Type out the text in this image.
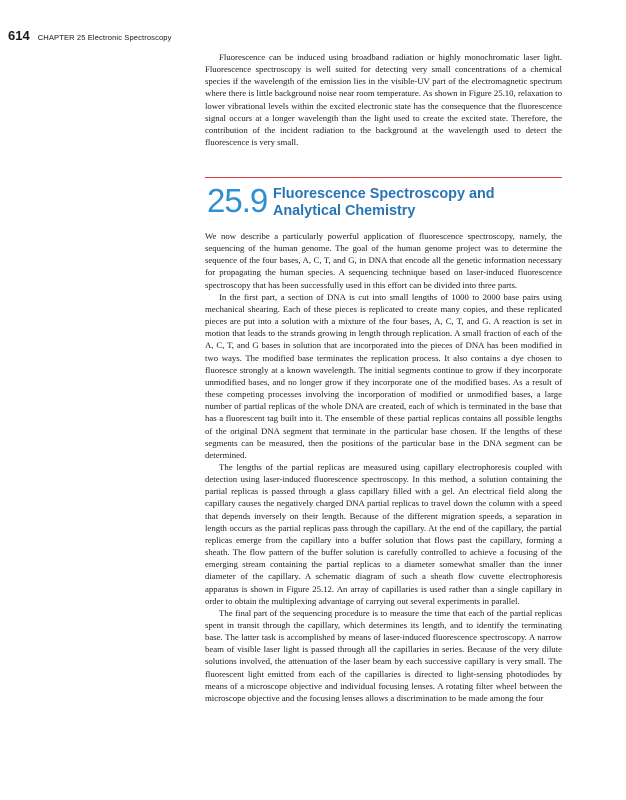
614 CHAPTER 25 Electronic Spectroscopy

Fluorescence can be induced using broadband radiation or highly monochromatic laser light. Fluorescence spectroscopy is well suited for detecting very small concentrations of a chemical species if the wavelength of the emission lies in the visible-UV part of the electromagnetic spectrum where there is little background noise near room temperature. As shown in Figure 25.10, relaxation to lower vibrational levels within the excited electronic state has the consequence that the fluorescence signal occurs at a longer wavelength than the light used to create the excited state. Therefore, the contribution of the incident radiation to the background at the wavelength used to detect the fluorescence is very small.

25.9 Fluorescence Spectroscopy and
Analytical Chemistry

We now describe a particularly powerful application of fluorescence spectroscopy, namely, the sequencing of the human genome. The goal of the human genome project was to determine the sequence of the four bases, A, C, T, and G, in DNA that encode all the genetic information necessary for propagating the human species. A sequencing technique based on laser-induced fluorescence spectroscopy that has been successfully used in this effort can be divided into three parts.

In the first part, a section of DNA is cut into small lengths of 1000 to 2000 base pairs using mechanical shearing. Each of these pieces is replicated to create many copies, and these replicated pieces are put into a solution with a mixture of the four bases, A, C, T, and G. A reaction is set in motion that leads to the strands growing in length through replication. A small fraction of each of the A, C, T, and G bases in solution that are incorporated into the pieces of DNA has been modified in two ways. The modified base terminates the replication process. It also contains a dye chosen to fluoresce strongly at a known wavelength. The initial segments continue to grow if they incorporate unmodified bases, and no longer grow if they incorporate one of the modified bases. As a result of these competing processes involving the incorporation of modified or unmodified bases, a large number of partial replicas of the whole DNA are created, each of which is terminated in the base that has a fluorescent tag built into it. The ensemble of these partial replicas contains all possible lengths of the original DNA segment that terminate in the particular base chosen. If the lengths of these segments can be measured, then the positions of the particular base in the DNA segment can be determined.

The lengths of the partial replicas are measured using capillary electrophoresis coupled with detection using laser-induced fluorescence spectroscopy. In this method, a solution containing the partial replicas is passed through a glass capillary filled with a gel. An electrical field along the capillary causes the negatively charged DNA partial replicas to travel down the column with a speed that depends inversely on their length. Because of the different migration speeds, a separation in length occurs as the partial replicas pass through the capillary. At the end of the capillary, the partial replicas emerge from the capillary into a buffer solution that flows past the capillary, forming a sheath. The flow pattern of the buffer solution is carefully controlled to achieve a focusing of the emerging stream containing the partial replicas to a diameter somewhat smaller than the inner diameter of the capillary. A schematic diagram of such a sheath flow cuvette electrophoresis apparatus is shown in Figure 25.12. An array of capillaries is used rather than a single capillary in order to obtain the multiplexing advantage of carrying out several experiments in parallel.

The final part of the sequencing procedure is to measure the time that each of the partial replicas spent in transit through the capillary, which determines its length, and to identify the terminating base. The latter task is accomplished by means of laser-induced fluorescence spectroscopy. A narrow beam of visible laser light is passed through all the capillaries in series. Because of the very dilute solutions involved, the attenuation of the laser beam by each successive capillary is very small. The fluorescent light emitted from each of the capillaries is directed to light-sensing photodiodes by means of a microscope objective and individual focusing lenses. A rotating filter wheel between the microscope objective and the focusing lenses allows a discrimination to be made among the four
